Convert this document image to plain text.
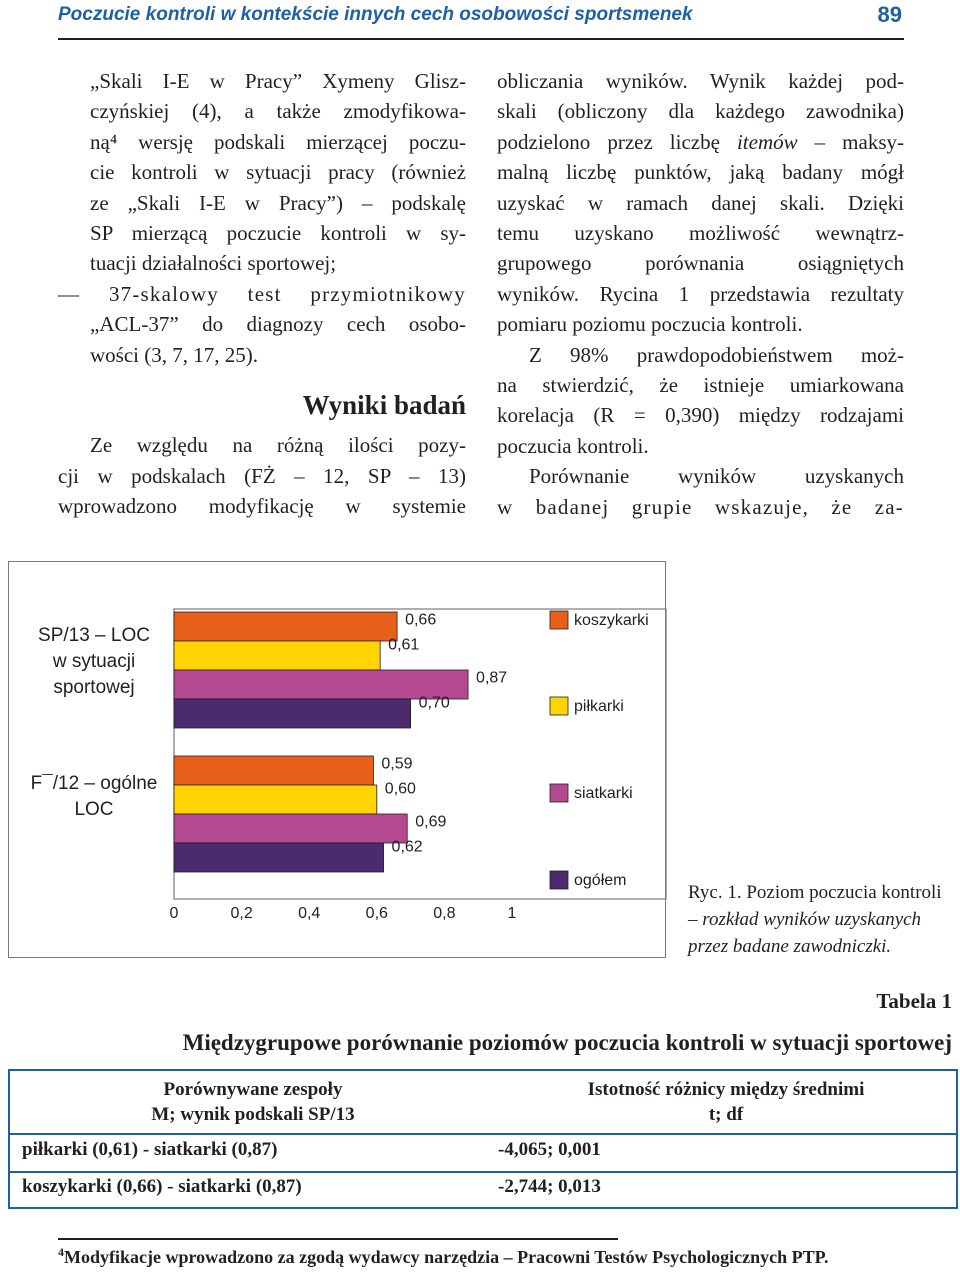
Poczucie kontroli w kontekście innych cech osobowości sportsmenek	89

„Skali I-E w Pracy” Xymeny Glisz-

czyńskiej (4), a także zmodyfikowa-

ną⁴ wersję podskali mierzącej poczu-

cie kontroli w sytuacji pracy (również

ze „Skali I-E w Pracy”) – podskalę

SP mierzącą poczucie kontroli w sy-

tuacji działalności sportowej;

— 37-skalowy test przymiotnikowy

„ACL-37” do diagnozy cech osobo-

wości (3, 7, 17, 25).

Wyniki badań

Ze względu na różną ilości pozy-

cji w podskalach (FŻ – 12, SP – 13)

wprowadzono modyfikację w systemie

obliczania wyników. Wynik każdej pod-

skali (obliczony dla każdego zawodnika)

podzielono przez liczbę itemów – maksy-

malną liczbę punktów, jaką badany mógł

uzyskać w ramach danej skali. Dzięki

temu uzyskano możliwość wewnątrz-

grupowego porównania osiągniętych

wyników. Rycina 1 przedstawia rezultaty

pomiaru poziomu poczucia kontroli.

Z 98% prawdopodobieństwem moż-

na stwierdzić, że istnieje umiarkowana

korelacja (R = 0,390) między rodzajami

poczucia kontroli.

Porównanie wyników uzyskanych

w badanej grupie wskazuje, że za-

SP/13 – LOC
w sytuacji
sportowej
F¯/12 – ogólne
LOC
0,66
0,61
0,87
0,70
0,59
0,60
0,69
0,62
0	0,2	0,4	0,6	0,8	1
koszykarki
piłkarki
siatkarki
ogółem
Ryc. 1. Poziom poczucia kontroli
– rozkład wyników uzyskanych
przez badane zawodniczki.
Tabela 1
Międzygrupowe porównanie poziomów poczucia kontroli w sytuacji sportowej
Porównywane zespoły
M; wynik podskali SP/13
Istotność różnicy między średnimi
t; df
piłkarki (0,61) - siatkarki (0,87)	-4,065; 0,001
koszykarki (0,66) - siatkarki (0,87)	-2,744; 0,013
$^4$Modyfikacje wprowadzono za zgodą wydawcy narzędzia – Pracowni Testów Psychologicznych PTP.
